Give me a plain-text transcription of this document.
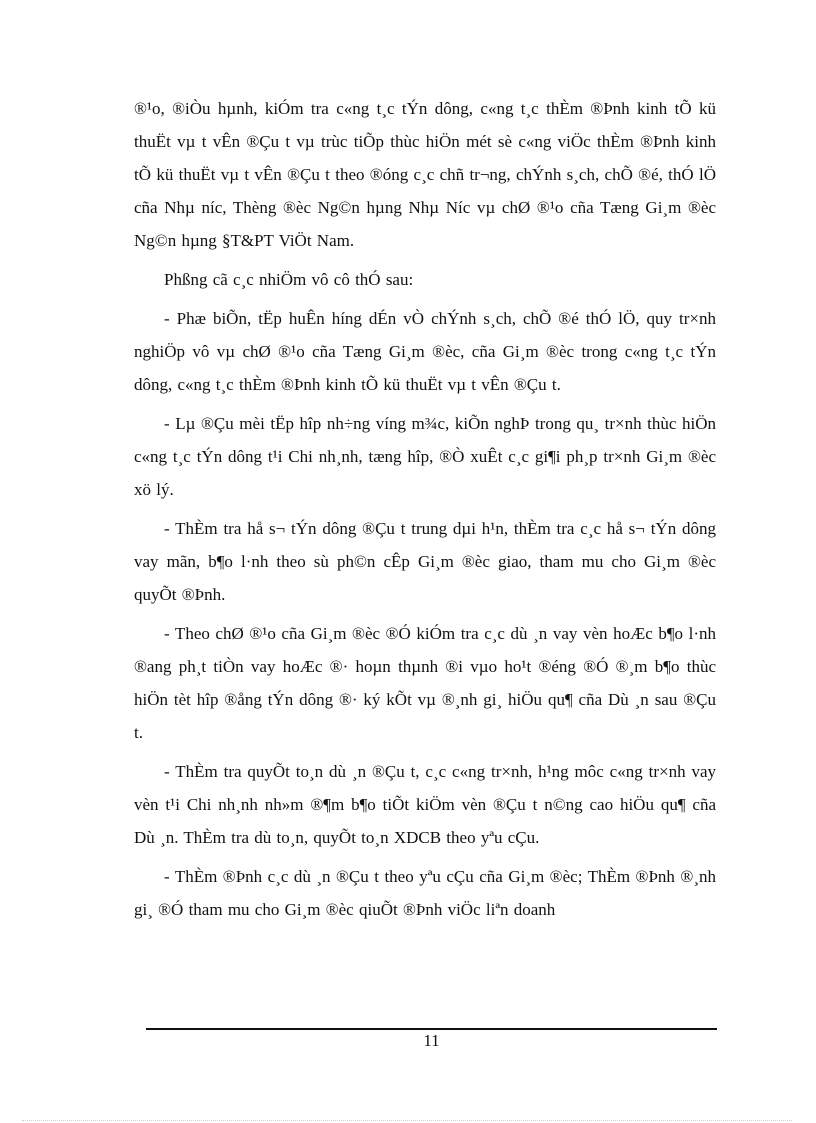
®¹o, ®iÒu hµnh, kiÓm tra c«ng t¸c tÝn dông, c«ng t¸c thÈm ®Þnh kinh tÕ kü thuËt vµ t vÊn ®Çu t vµ trùc tiÕp thùc hiÖn mét sè c«ng viÖc thÈm ®Þnh kinh tÕ kü thuËt vµ t vÊn ®Çu t theo ®óng c¸c chñ tr¬ng, chÝnh s¸ch, chÕ ®é, thÓ lÖ cña Nhµ níc, Thèng ®èc Ng©n hµng Nhµ Níc vµ chØ ®¹o cña Tæng Gi¸m ®èc Ng©n hµng §T&PT ViÖt Nam.

Phßng cã c¸c nhiÖm vô cô thÓ sau:

- Phæ biÕn, tËp huÊn híng dÉn vÒ chÝnh s¸ch, chÕ ®é thÓ lÖ, quy tr×nh nghiÖp vô vµ chØ ®¹o cña Tæng Gi¸m ®èc, cña Gi¸m ®èc trong c«ng t¸c tÝn dông, c«ng t¸c thÈm ®Þnh kinh tÕ kü thuËt vµ t vÊn ®Çu t.

- Lµ ®Çu mèi tËp hîp nh÷ng víng m¾c, kiÕn nghÞ trong qu¸ tr×nh thùc hiÖn c«ng t¸c tÝn dông t¹i Chi nh¸nh, tæng hîp, ®Ò xuÊt c¸c gi¶i ph¸p tr×nh Gi¸m ®èc xö lý.

- ThÈm tra hå s¬ tÝn dông ®Çu t trung dµi h¹n, thÈm tra c¸c hå s¬ tÝn dông vay mãn, b¶o l·nh theo sù ph©n cÊp Gi¸m ®èc giao, tham mu cho Gi¸m ®èc quyÕt ®Þnh.

- Theo chØ ®¹o cña Gi¸m ®èc ®Ó kiÓm tra c¸c dù ¸n vay vèn hoÆc b¶o l·nh ®ang ph¸t tiÒn vay hoÆc ®· hoµn thµnh ®i vµo ho¹t ®éng ®Ó ®¸m b¶o thùc hiÖn tèt hîp ®ång tÝn dông ®· ký kÕt vµ ®¸nh gi¸ hiÖu qu¶ cña Dù ¸n sau ®Çu t.

- ThÈm tra quyÕt to¸n dù ¸n ®Çu t, c¸c c«ng tr×nh, h¹ng môc c«ng tr×nh vay vèn t¹i Chi nh¸nh nh»m ®¶m b¶o tiÕt kiÖm vèn ®Çu t n©ng cao hiÖu qu¶ cña Dù ¸n. ThÈm tra dù to¸n, quyÕt to¸n XDCB theo yªu cÇu.

- ThÈm ®Þnh c¸c dù ¸n ®Çu t theo yªu cÇu cña Gi¸m ®èc; ThÈm ®Þnh ®¸nh gi¸ ®Ó tham mu cho Gi¸m ®èc qiuÕt ®Þnh viÖc liªn doanh

11
